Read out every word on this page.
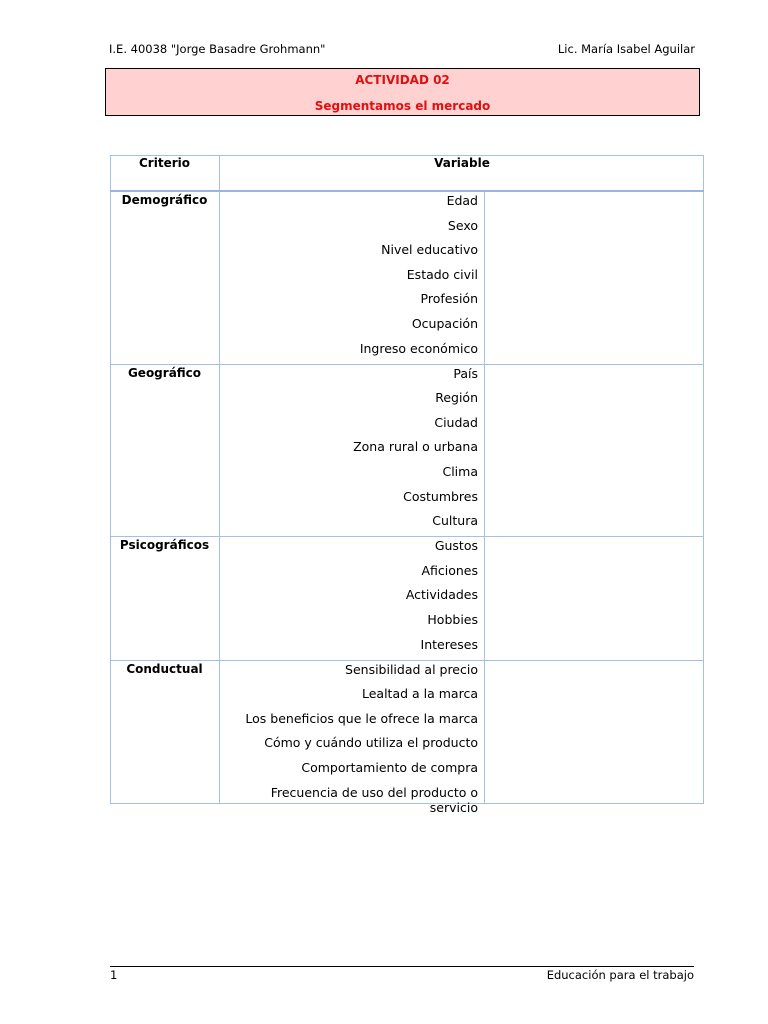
I.E. 40038 "Jorge Basadre Grohmann"	Lic. María Isabel Aguilar
ACTIVIDAD 02
Segmentamos el mercado
Criterio	Variable
Demográfico	Edad
Sexo
Nivel educativo
Estado civil
Profesión
Ocupación
Ingreso económico
Geográfico	País
Región
Ciudad
Zona rural o urbana
Clima
Costumbres
Cultura
Psicográficos	Gustos
Aficiones
Actividades
Hobbies
Intereses
Conductual	Sensibilidad al precio
Lealtad a la marca
Los beneficios que le ofrece la marca
Cómo y cuándo utiliza el producto
Comportamiento de compra
Frecuencia de uso del producto o servicio
1	Educación para el trabajo
